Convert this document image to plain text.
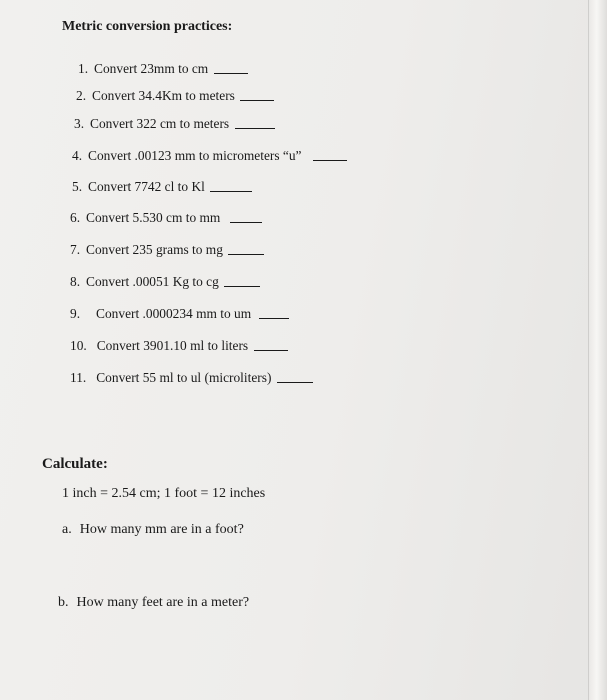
Metric conversion practices:
1. Convert 23mm to cm
2. Convert 34.4Km to meters
3. Convert 322 cm to meters
4. Convert .00123 mm to micrometers “u”
5. Convert 7742 cl to Kl
6. Convert 5.530 cm to mm
7. Convert 235 grams to mg
8. Convert .00051 Kg to cg
9. Convert .0000234 mm to um
10. Convert 3901.10 ml to liters
11. Convert 55 ml to ul (microliters)
Calculate:
1 inch = 2.54 cm; 1 foot = 12 inches
a. How many mm are in a foot?
b. How many feet are in a meter?
